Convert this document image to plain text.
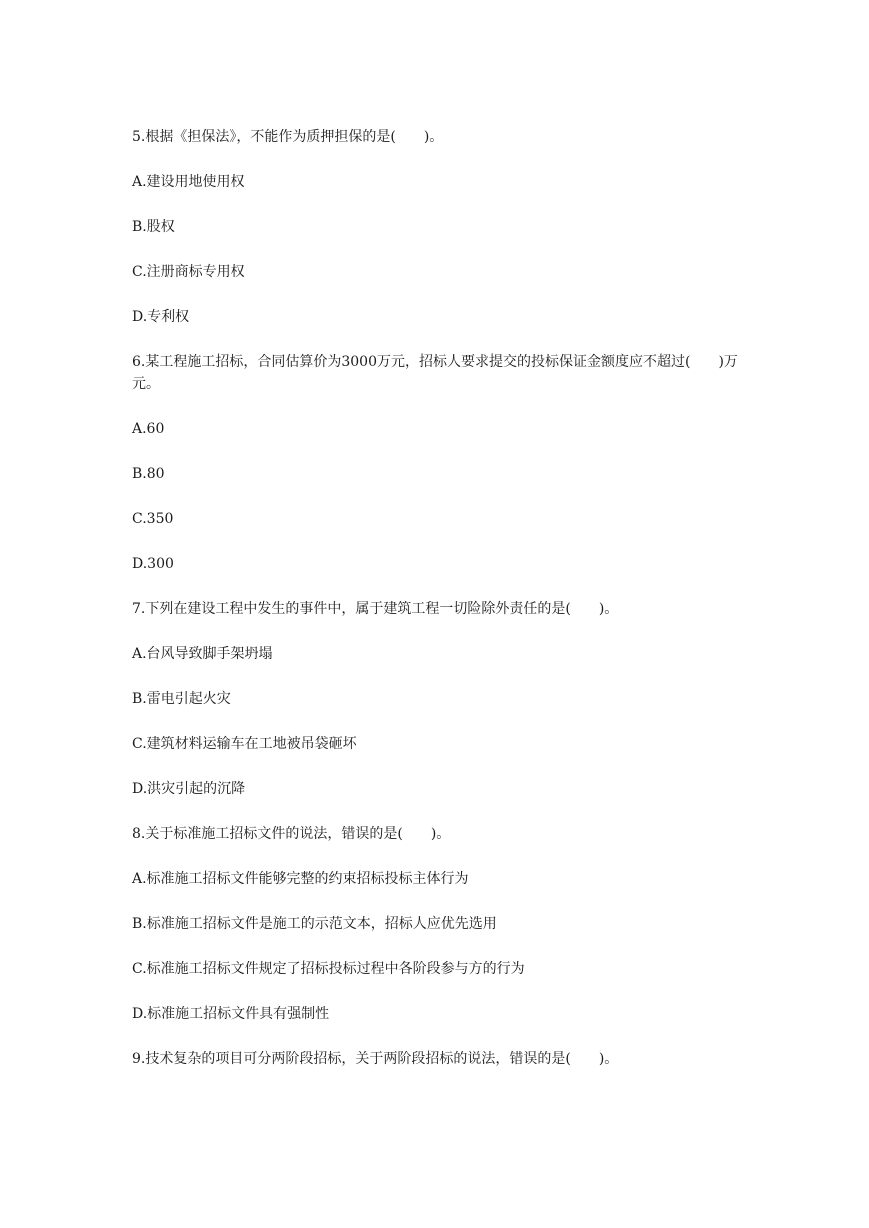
5.根据《担保法》，不能作为质押担保的是(　　)。

A.建设用地使用权

B.股权

C.注册商标专用权

D.专利权

6.某工程施工招标，合同估算价为3000万元，招标人要求提交的投标保证金额度应不超过(　　)万元。

A.60

B.80

C.350

D.300

7.下列在建设工程中发生的事件中，属于建筑工程一切险除外责任的是(　　)。

A.台风导致脚手架坍塌

B.雷电引起火灾

C.建筑材料运输车在工地被吊袋砸坏

D.洪灾引起的沉降

8.关于标准施工招标文件的说法，错误的是(　　)。

A.标准施工招标文件能够完整的约束招标投标主体行为

B.标准施工招标文件是施工的示范文本，招标人应优先选用

C.标准施工招标文件规定了招标投标过程中各阶段参与方的行为

D.标准施工招标文件具有强制性

9.技术复杂的项目可分两阶段招标，关于两阶段招标的说法，错误的是(　　)。
